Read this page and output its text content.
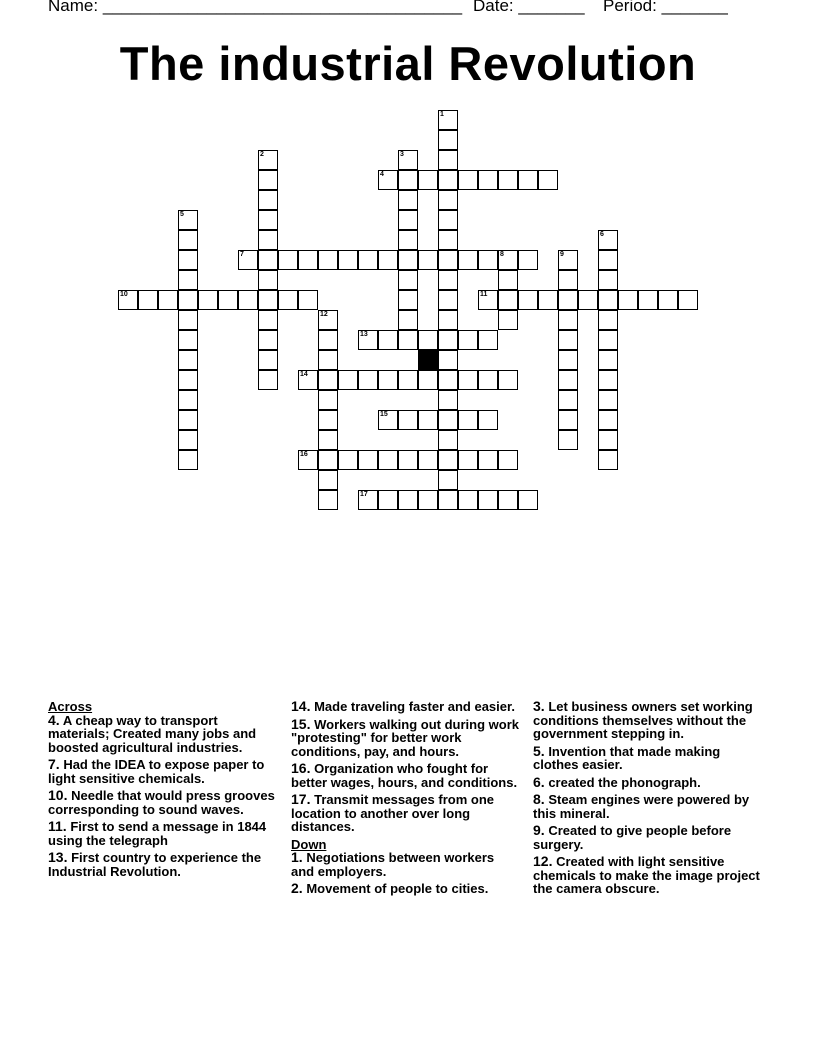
Name: ______________________________________ Date: _______ Period: _______
The industrial Revolution
1
2	3
4
5
6
7	8	9
10	11
12
13
14
15
16
17
Across
4. A cheap way to transport materials; Created many jobs and boosted agricultural industries.
7. Had the IDEA to expose paper to light sensitive chemicals.
10. Needle that would press grooves corresponding to sound waves.
11. First to send a message in 1844 using the telegraph
13. First country to experience the Industrial Revolution.
14. Made traveling faster and easier.
15. Workers walking out during work "protesting" for better work conditions, pay, and hours.
16. Organization who fought for better wages, hours, and conditions.
17. Transmit messages from one location to another over long distances.
Down
1. Negotiations between workers and employers.
2. Movement of people to cities.
3. Let business owners set working conditions themselves without the government stepping in.
5. Invention that made making clothes easier.
6. created the phonograph.
8. Steam engines were powered by this mineral.
9. Created to give people before surgery.
12. Created with light sensitive chemicals to make the image project the camera obscure.
